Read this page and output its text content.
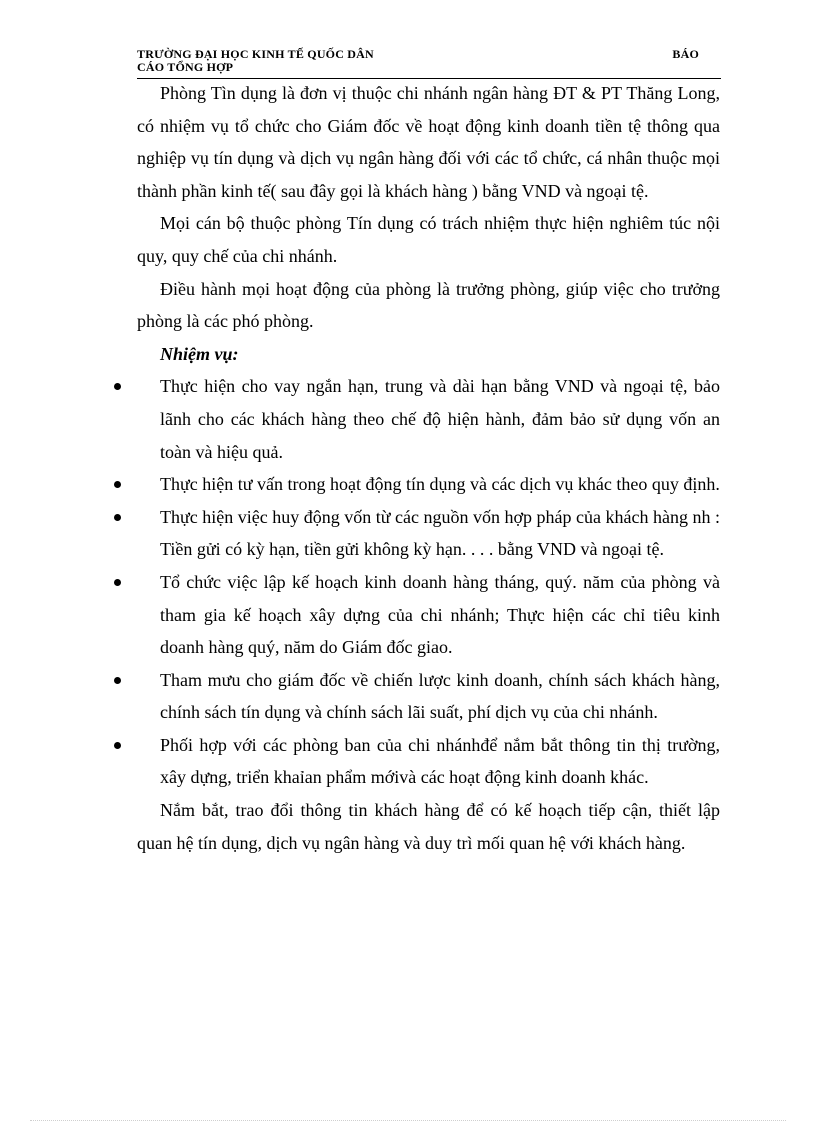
TRƯỜNG ĐẠI HỌC KINH TẾ QUỐC DÂN	BÁO
CÁO TỔNG HỢP

Phòng Tìn dụng là đơn vị thuộc chi nhánh ngân hàng ĐT & PT Thăng Long, có nhiệm vụ tổ chức cho Giám đốc về hoạt động kinh doanh tiền tệ thông qua nghiệp vụ tín dụng và dịch vụ ngân hàng đối với các tổ chức, cá nhân thuộc mọi thành phần kinh tế( sau đây gọi là khách hàng ) bằng VND và ngoại tệ.

Mọi cán bộ thuộc phòng Tín dụng có trách nhiệm thực hiện nghiêm túc nội quy, quy chế của chi nhánh.

Điều hành mọi hoạt động của phòng là trưởng phòng, giúp việc cho trưởng phòng là các phó phòng.

Nhiệm vụ:
Thực hiện cho vay ngắn hạn, trung và dài hạn bằng VND và ngoại tệ, bảo lãnh cho các khách hàng theo chế độ hiện hành, đảm bảo sử dụng vốn an toàn và hiệu quả.
Thực hiện tư vấn trong hoạt động tín dụng và các dịch vụ khác theo quy định.
Thực hiện việc huy động vốn từ các nguồn vốn hợp pháp của khách hàng nh : Tiền gửi có kỳ hạn, tiền gửi không kỳ hạn. . . . bằng VND và ngoại tệ.
Tổ chức việc lập kế hoạch kinh doanh hàng tháng, quý. năm của phòng và tham gia kế hoạch xây dựng của chi nhánh; Thực hiện các chỉ tiêu kinh doanh hàng quý, năm do Giám đốc giao.
Tham mưu cho giám đốc về chiến lược kinh doanh, chính sách khách hàng, chính sách tín dụng và chính sách lãi suất, phí dịch vụ của chi nhánh.
Phối hợp với các phòng ban của chi nhánhđể nắm bắt thông tin thị trường, xây dựng, triển khaỉan phẩm mớivà các hoạt động kinh doanh khác.

Nắm bắt, trao đổi thông tin khách hàng để có kế hoạch tiếp cận, thiết lập quan hệ tín dụng, dịch vụ ngân hàng và duy trì mối quan hệ với khách hàng.
